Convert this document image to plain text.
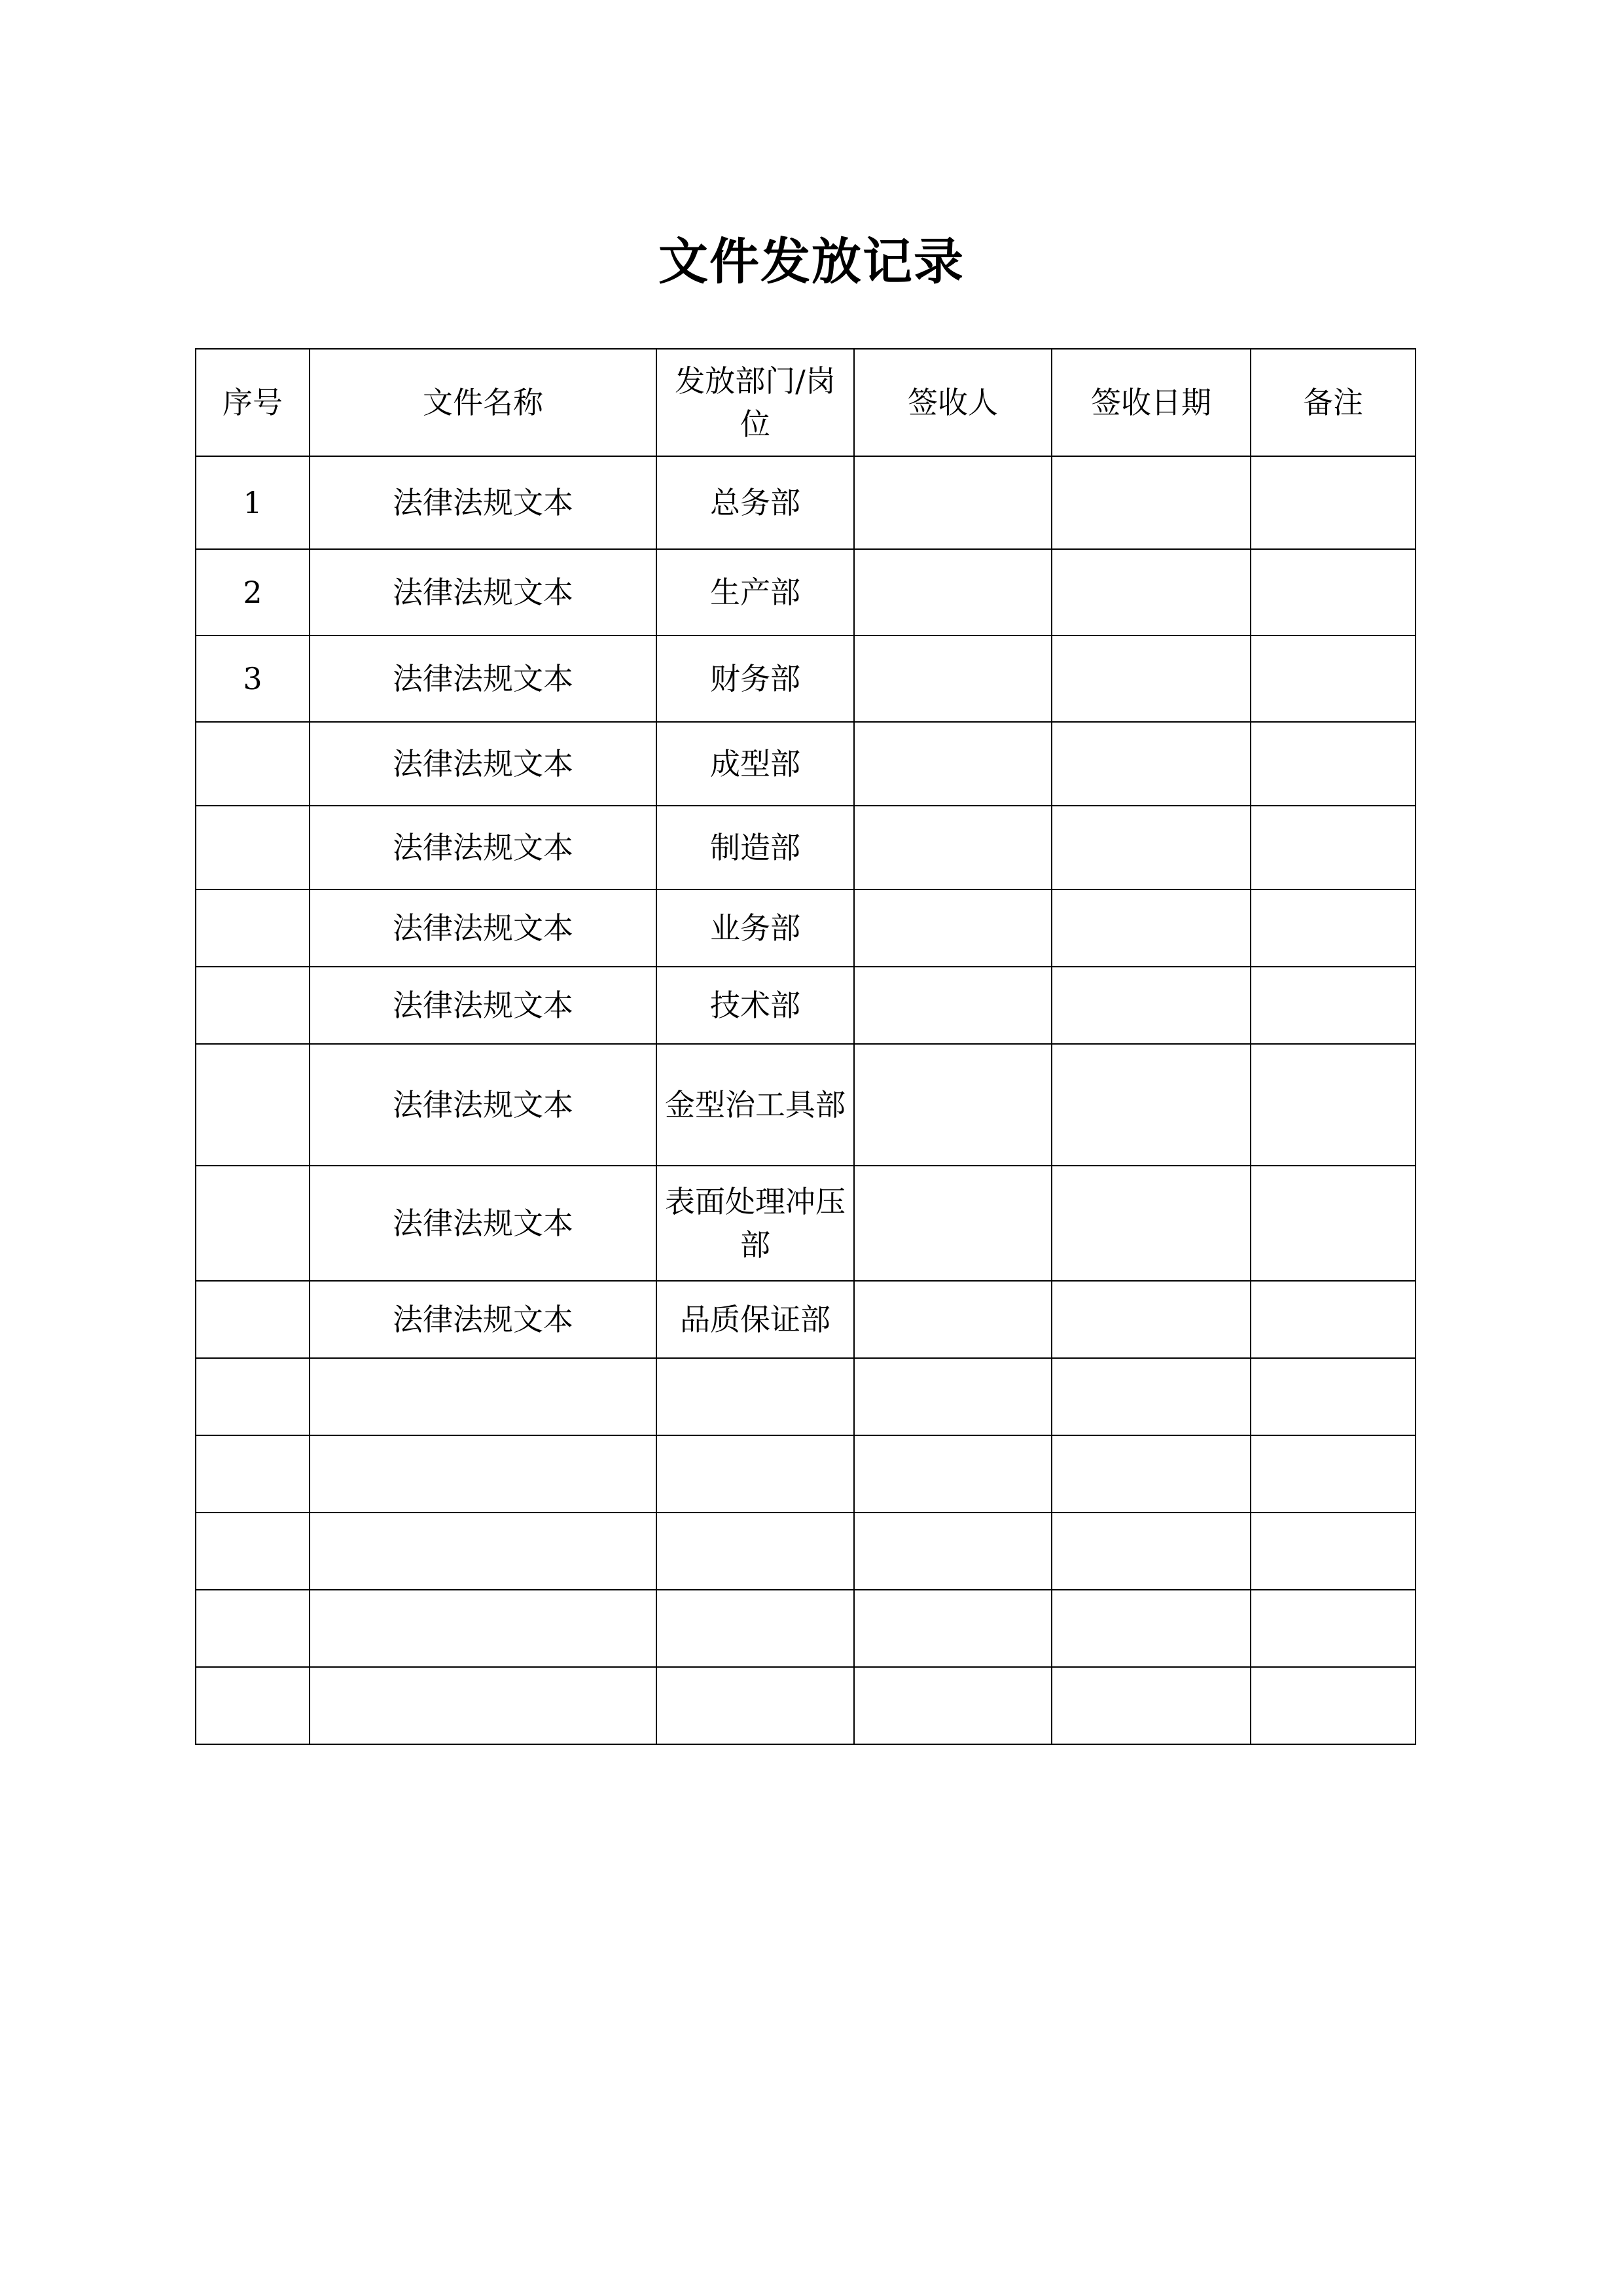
文件发放记录
序号	文件名称	发放部门/岗位	签收人	签收日期	备注
1	法律法规文本	总务部			
2	法律法规文本	生产部			
3	法律法规文本	财务部			
	法律法规文本	成型部			
	法律法规文本	制造部			
	法律法规文本	业务部			
	法律法规文本	技术部			
	法律法规文本	金型治工具部			
	法律法规文本	表面处理冲压部			
	法律法规文本	品质保证部			
